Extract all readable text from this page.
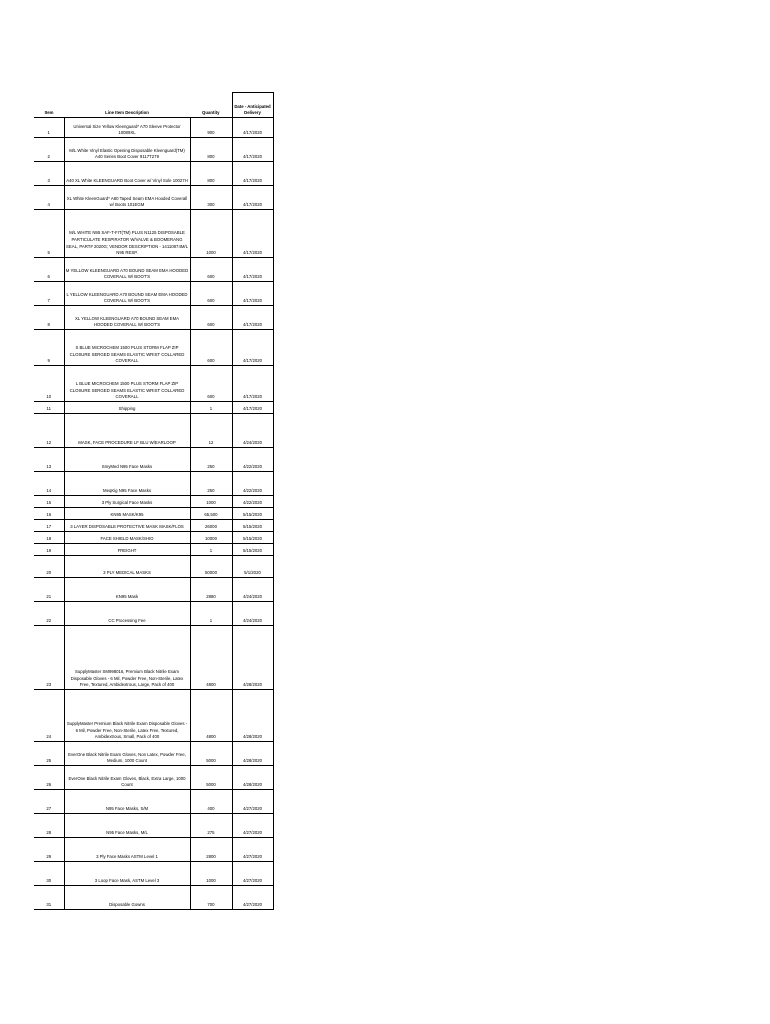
Item	Line Item Description	Quantity	Date - Anticipated Delivery
1	Universal Size Yellow Kleenguard* A70 Sleeve Protector 10089XL	900	4/17/2020
2	M/L White Vinyl Elastic Opening Disposable Kleenguard(TM) A40 Series Boot Cover 9117T279	800	4/17/2020
3	A40 XL White KLEENGUARD Boot Cover w/ Vinyl Sole 10027H	800	4/17/2020
4	XL White KleenGuard* A80 Taped Seam EMA Hooded Coverall w/ Boots 101EGM	300	4/17/2020
5	M/L WHITE N95 SAF-T-FIT(TM) PLUS N1125 DISPOSABLE PARTICULATE RESPIRATOR W/VALVE & BOOMERANG SEAL, PART# 2020G; VENDOR DESCRIPTION - 14110874M/L N95 RESP.	1000	4/17/2020
6	M YELLOW KLEENGUARD A70 BOUND SEAM EMA HOODED COVERALL W/ BOOT'S	600	4/17/2020
7	L YELLOW KLEENGUARD A70 BOUND SEAM EMA HOODED COVERALL W/ BOOT'S	600	4/17/2020
8	XL YELLOW KLEENGUARD A70 BOUND SEAM EMA HOODED COVERALL W/ BOOT'S	600	4/17/2020
9	S BLUE MICROCHEM 1500 PLUS STORM FLAP ZIP CLOSURE SERGED SEAMS ELASTIC WRIST COLLARED COVERALL	600	4/17/2020
10	L BLUE MICROCHEM 1500 PLUS STORM FLAP ZIP CLOSURE SERGED SEAMS ELASTIC WRIST COLLARED COVERALL	600	4/17/2020
11	Shipping	1	4/17/2020
12	MASK, FACE PROCEDURE LF BLU W/EARLOOP	12	4/24/2020
13	SmyMed N95 Face Masks	250	4/22/2020
14	MeqKig N95 Face Masks	250	4/22/2020
15	3 Ply Surgical Face Masks	1000	4/22/2020
16	KN95 MASK/K95	65,500	5/15/2020
17	3 LAYER DISPOSABLE PROTECTIVE MASK MASK/FLOS	26000	5/15/2020
18	FACE SHIELD MASK/SHIO	10000	5/15/2020
19	FREIGHT	1	5/15/2020
20	3 PLY MEDICAL MASKS	50000	5/1/2020
21	KN95 Mask	2880	4/24/2020
22	CC Processing Fee	1	4/24/2020
23	SupplyMaster SM998016, Premium Black Nitrile Exam Disposable Gloves - 6 Mil, Powder Free, Non-Sterile, Latex Free, Textured, Ambidextrous, Large, Pack of 400	4800	4/28/2020
24	SupplyMaster Premium Black Nitrile Exam Disposable Gloves - 6 Mil, Powder Free, Non-Sterile, Latex Free, Textured, Ambidextrous, Small, Pack of 400	4800	4/28/2020
25	EverOne Black Nitrile Exam Gloves, Non Latex, Powder Free, Medium, 1000 Count	5000	4/28/2020
26	EverOne Black Nitrile Exam Gloves, Black, Extra Large, 1000 Count	5000	4/28/2020
27	N95 Face Masks, S/M	400	4/27/2020
28	N95 Face Masks, M/L	275	4/27/2020
29	3 Ply Face Masks ASTM Level 1	2800	4/27/2020
30	3 Loop Face Mask, ASTM Level 3	1000	4/27/2020
31	Disposable Gowns	700	4/27/2020
